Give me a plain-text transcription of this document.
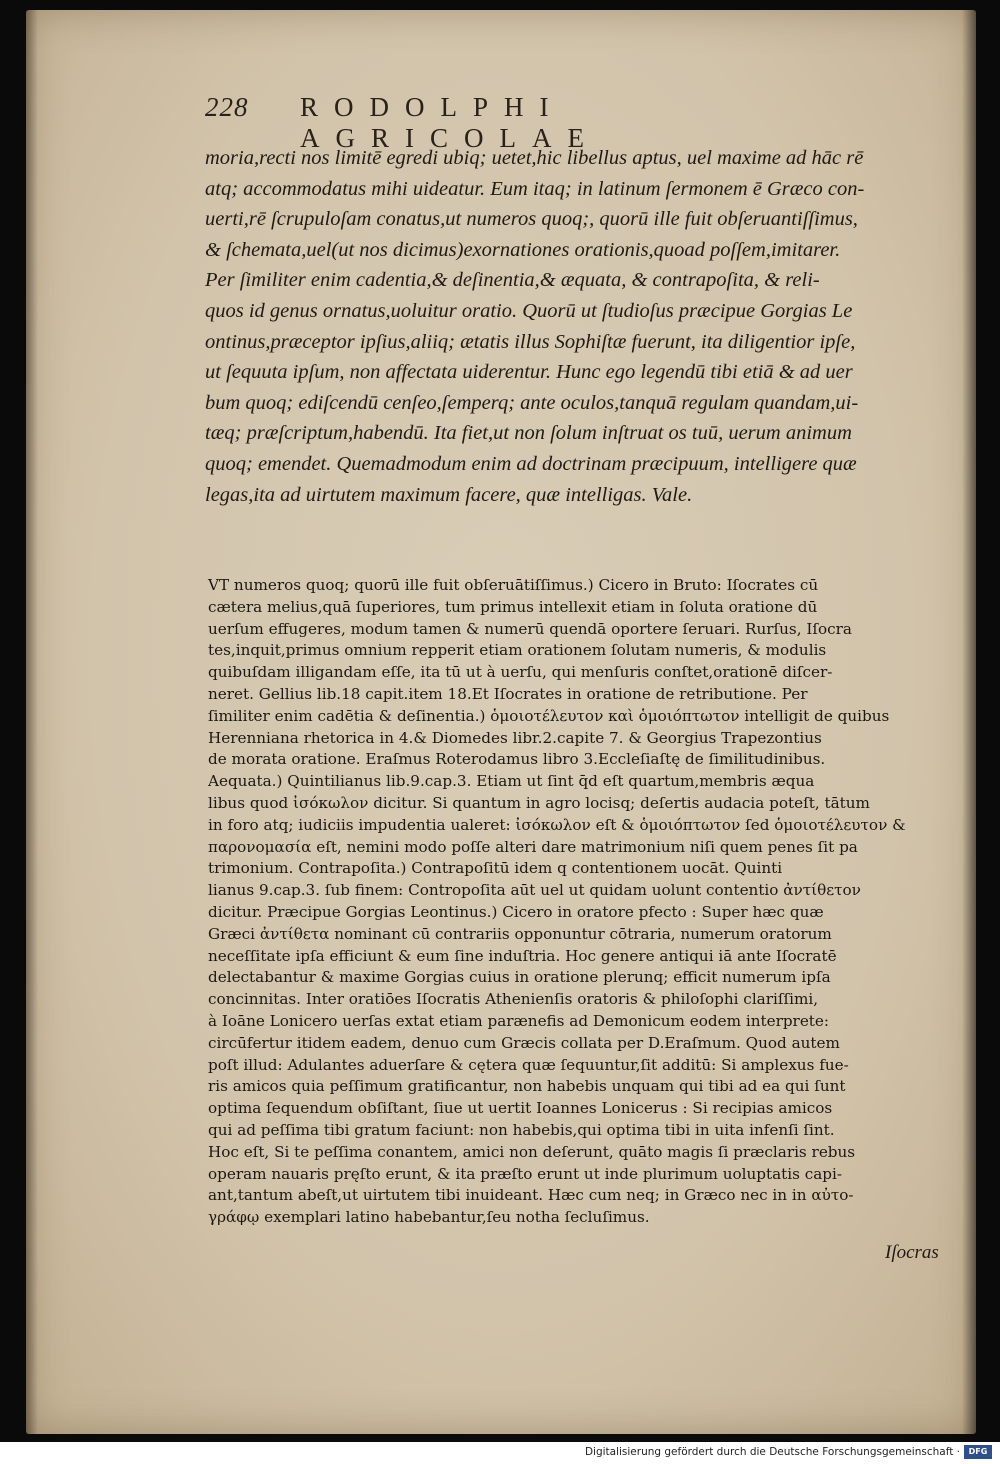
228 RODOLPHI AGRICOLAE
moria,recti nos limitē egredi ubiq; uetet,hic libellus aptus, uel maxime ad hāc rē
atq; accommodatus mihi uideatur. Eum itaq; in latinum ſermonem ē Græco con-
uerti,rē ſcrupuloſam conatus,ut numeros quoq;, quorū ille fuit obſeruantiſſimus,
& ſchemata,uel(ut nos dicimus)exornationes orationis,quoad poſſem,imitarer.
Per ſimiliter enim cadentia,& deſinentia,& æquata, & contrapoſita, & reli-
quos id genus ornatus,uoluitur oratio. Quorū ut ſtudioſus præcipue Gorgias Le
ontinus,præceptor ipſius,aliiq; ætatis illus Sophiſtæ fuerunt, ita diligentior ipſe,
ut ſequuta ipſum, non affectata uiderentur. Hunc ego legendū tibi etiā & ad uer
bum quoq; ediſcendū cenſeo,ſemperq; ante oculos,tanquā regulam quandam,ui-
tæq; præſcriptum,habendū. Ita fiet,ut non ſolum inſtruat os tuū, uerum animum
quoq; emendet. Quemadmodum enim ad doctrinam præcipuum, intelligere quæ
legas,ita ad uirtutem maximum facere, quæ intelligas. Vale.
VT numeros quoq; quorū ille fuit obſeruātiſſimus.) Cicero in Bruto: Iſocrates cū
cætera melius,quā ſuperiores, tum primus intellexit etiam in ſoluta oratione dū
uerſum effugeres, modum tamen & numerū quendā oportere ſeruari. Rurſus, Iſocra
tes,inquit,primus omnium repperit etiam orationem ſolutam numeris, & modulis
quibuſdam illigandam eſſe, ita tū ut à uerſu, qui menſuris conſtet,orationē diſcer-
neret. Gellius lib.18 capit.item 18.Et Iſocrates in oratione de retributione. Per
ſimiliter enim cadētia & deſinentia.) ὁμοιοτέλευτον καὶ ὁμοιόπτωτον intelligit de quibus
Herenniana rhetorica in 4.& Diomedes libr.2.capite 7. & Georgius Trapezontius
de morata oratione. Eraſmus Roterodamus libro 3.Eccleſiaſtę de ſimilitudinibus.
Aequata.) Quintilianus lib.9.cap.3. Etiam ut ſint q̄d eſt quartum,membris æqua
libus quod ἰσόκωλον dicitur. Si quantum in agro locisq; deſertis audacia poteſt, tātum
in foro atq; iudiciis impudentia ualeret: ἰσόκωλον eſt & ὁμοιόπτωτον ſed ὁμοιοτέλευτον &
παρονομασία eſt, nemini modo poſſe alteri dare matrimonium niſi quem penes ſit pa
trimonium. Contrapoſita.) Contrapoſitū idem q contentionem uocāt. Quinti
lianus 9.cap.3. ſub finem: Contropoſita aūt uel ut quidam uolunt contentio ἀντίθετον
dicitur. Præcipue Gorgias Leontinus.) Cicero in oratore pfecto : Super hæc quæ
Græci ἀντίθετα nominant cū contrariis opponuntur cōtraria, numerum oratorum
neceſſitate ipſa efficiunt & eum ſine induſtria. Hoc genere antiqui iā ante Iſocratē
delectabantur & maxime Gorgias cuius in oratione plerunq; efficit numerum ipſa
concinnitas. Inter oratiōes Iſocratis Athenienſis oratoris & philoſophi clariſſimi,
à Ioāne Lonicero uerſas extat etiam parænefis ad Demonicum eodem interprete:
circūfertur itidem eadem, denuo cum Græcis collata per D.Eraſmum. Quod autem
poſt illud: Adulantes aduerſare & cętera quæ ſequuntur,ſit additū: Si amplexus fue-
ris amicos quia peſſimum gratificantur, non habebis unquam qui tibi ad ea qui ſunt
optima ſequendum obſiſtant, ſiue ut uertit Ioannes Lonicerus : Si recipias amicos
qui ad peſſima tibi gratum faciunt: non habebis,qui optima tibi in uita infenſi ſint.
Hoc eſt, Si te peſſima conantem, amici non deſerunt, quāto magis ſi præclaris rebus
operam nauaris pręſto erunt, & ita præſto erunt ut inde plurimum uoluptatis capi-
ant,tantum abeſt,ut uirtutem tibi inuideant. Hæc cum neq; in Græco nec in in αὐτο-
γράφῳ exemplari latino habebantur,ſeu notha ſecluſimus.
Iſocras
Digitalisierung gefördert durch die Deutsche Forschungsgemeinschaft ·	DFG
